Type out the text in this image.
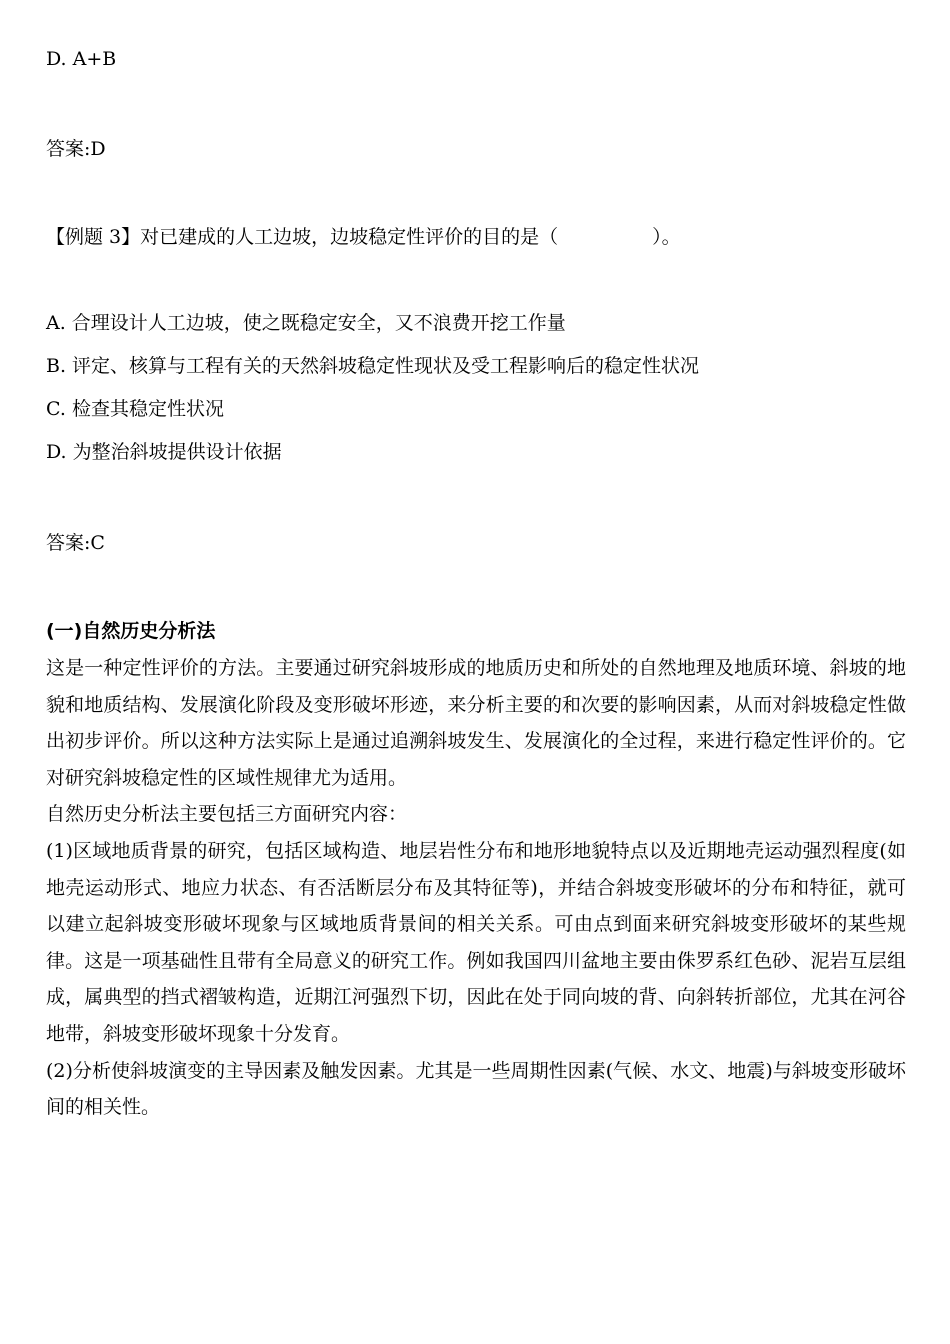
D. A+B
答案:D
【例题 3】对已建成的人工边坡，边坡稳定性评价的目的是（	）。
A. 合理设计人工边坡，使之既稳定安全，又不浪费开挖工作量
B. 评定、核算与工程有关的天然斜坡稳定性现状及受工程影响后的稳定性状况
C. 检查其稳定性状况
D. 为整治斜坡提供设计依据
答案:C
(一)自然历史分析法

这是一种定性评价的方法。主要通过研究斜坡形成的地质历史和所处的自然地理及地质环境、斜坡的地貌和地质结构、发展演化阶段及变形破坏形迹，来分析主要的和次要的影响因素，从而对斜坡稳定性做出初步评价。所以这种方法实际上是通过追溯斜坡发生、发展演化的全过程，来进行稳定性评价的。它对研究斜坡稳定性的区域性规律尤为适用。

自然历史分析法主要包括三方面研究内容：

(1)区域地质背景的研究，包括区域构造、地层岩性分布和地形地貌特点以及近期地壳运动强烈程度(如地壳运动形式、地应力状态、有否活断层分布及其特征等)，并结合斜坡变形破坏的分布和特征，就可以建立起斜坡变形破坏现象与区域地质背景间的相关关系。可由点到面来研究斜坡变形破坏的某些规律。这是一项基础性且带有全局意义的研究工作。例如我国四川盆地主要由侏罗系红色砂、泥岩互层组成，属典型的挡式褶皱构造，近期江河强烈下切，因此在处于同向坡的背、向斜转折部位，尤其在河谷地带，斜坡变形破坏现象十分发育。

(2)分析使斜坡演变的主导因素及触发因素。尤其是一些周期性因素(气候、水文、地震)与斜坡变形破坏间的相关性。
